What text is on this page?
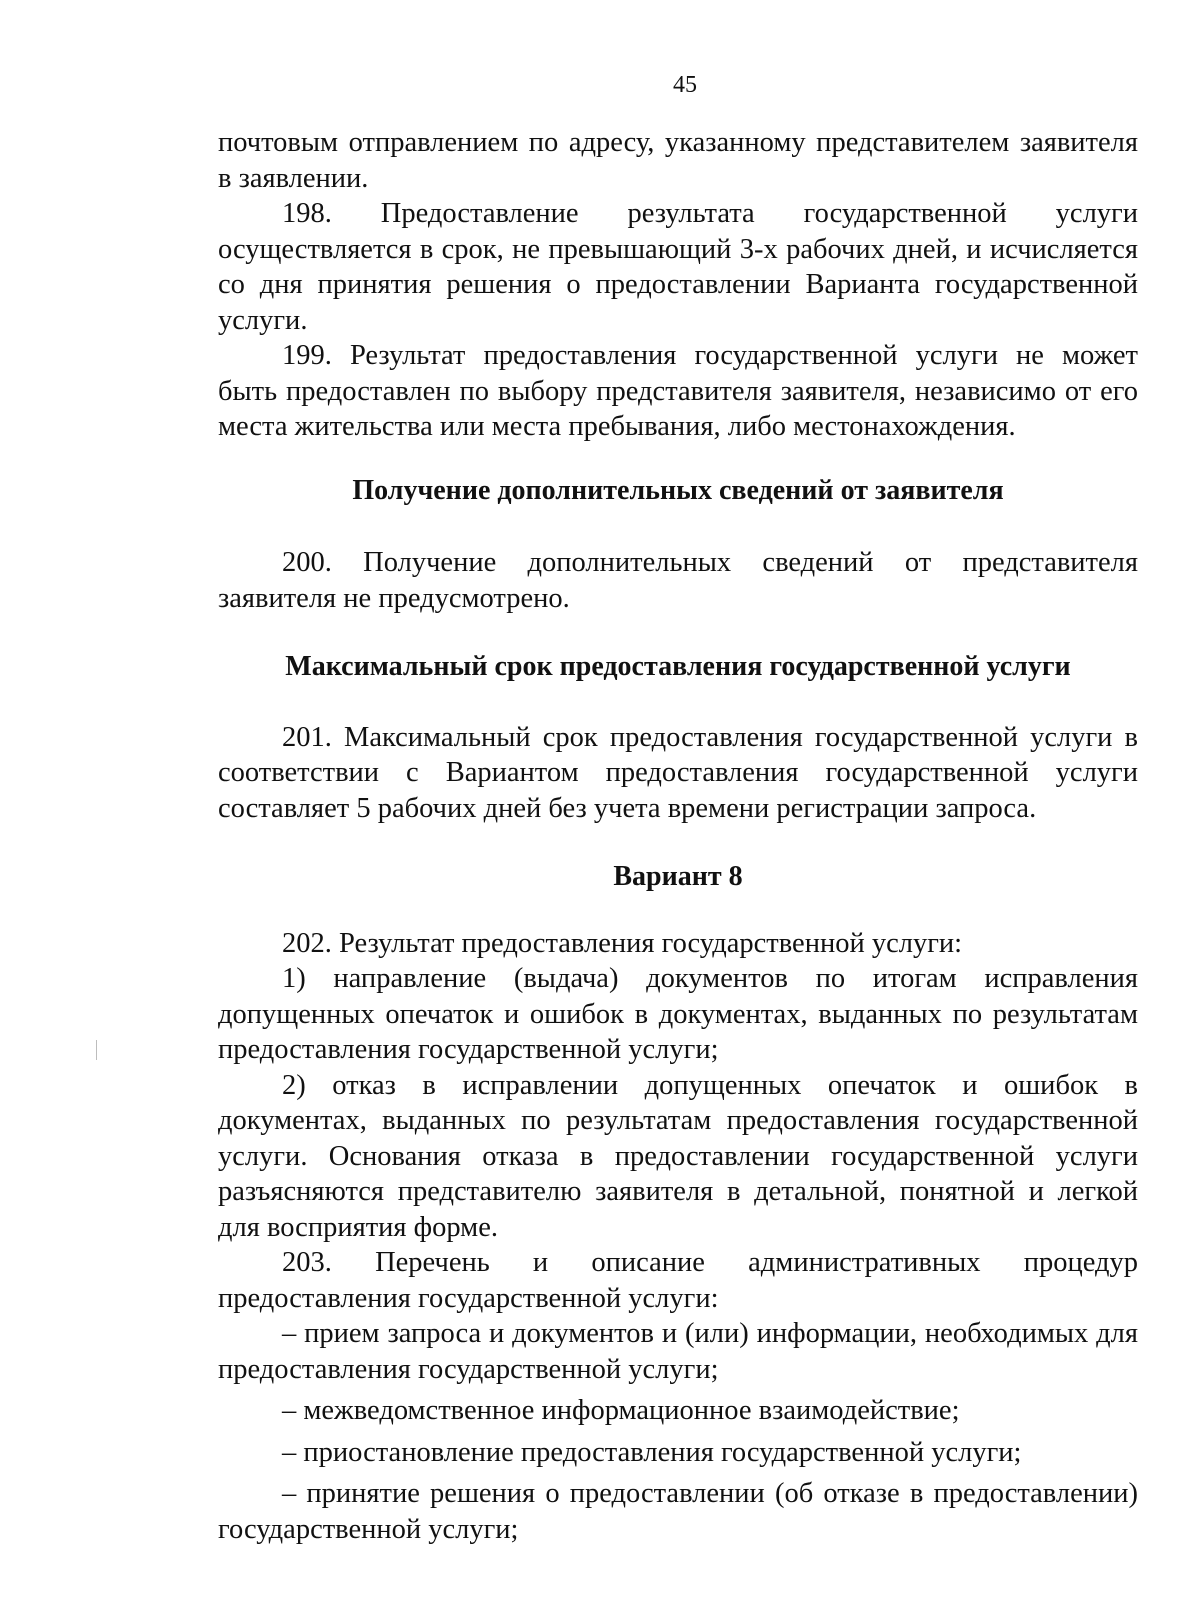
45

почтовым отправлением по адресу, указанному представителем заявителя в заявлении.

198. Предоставление результата государственной услуги осуществляется в срок, не превышающий 3-х рабочих дней, и исчисляется со дня принятия решения о предоставлении Варианта государственной услуги.

199. Результат предоставления государственной услуги не может быть предоставлен по выбору представителя заявителя, независимо от его места жительства или места пребывания, либо местонахождения.

Получение дополнительных сведений от заявителя

200. Получение дополнительных сведений от представителя заявителя не предусмотрено.

Максимальный срок предоставления государственной услуги

201. Максимальный срок предоставления государственной услуги в соответствии с Вариантом предоставления государственной услуги составляет 5 рабочих дней без учета времени регистрации запроса.

Вариант 8

202. Результат предоставления государственной услуги:

1) направление (выдача) документов по итогам исправления допущенных опечаток и ошибок в документах, выданных по результатам предоставления государственной услуги;

2) отказ в исправлении допущенных опечаток и ошибок в документах, выданных по результатам предоставления государственной услуги. Основания отказа в предоставлении государственной услуги разъясняются представителю заявителя в детальной, понятной и легкой для восприятия форме.

203. Перечень и описание административных процедур предоставления государственной услуги:

– прием запроса и документов и (или) информации, необходимых для предоставления государственной услуги;

– межведомственное информационное взаимодействие;

– приостановление предоставления государственной услуги;

– принятие решения о предоставлении (об отказе в предоставлении) государственной услуги;
